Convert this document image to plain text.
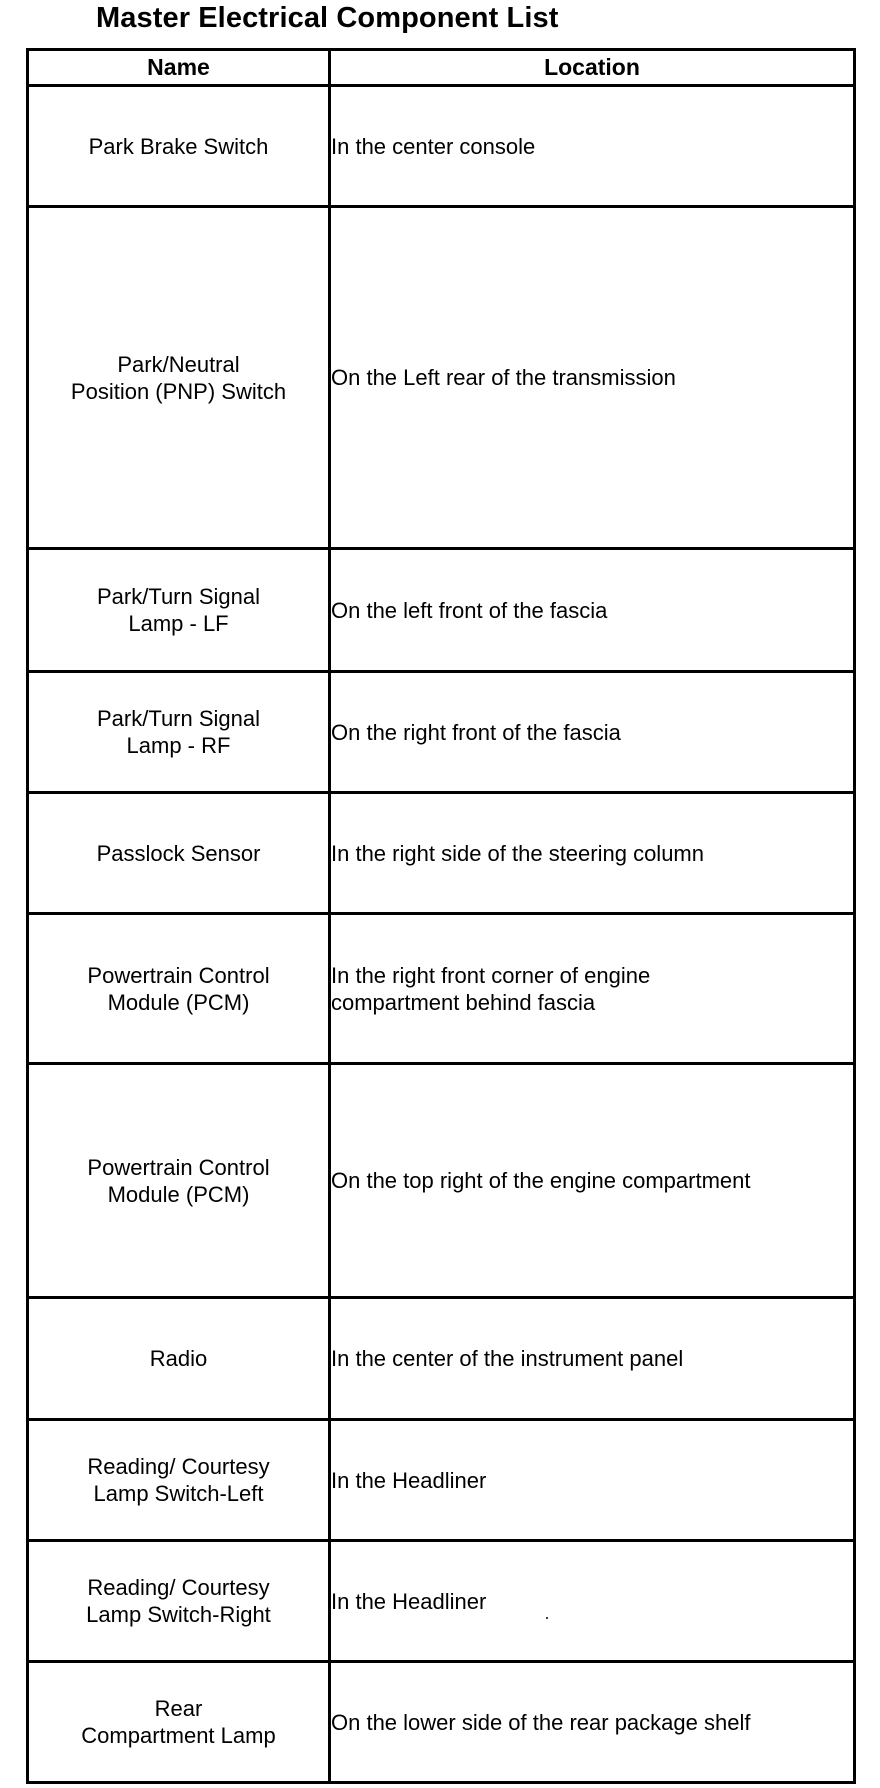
Master Electrical Component List
Name	Location
Park Brake Switch	In the center console
Park/Neutral
Position (PNP) Switch	On the Left rear of the transmission
Park/Turn Signal
Lamp - LF	On the left front of the fascia
Park/Turn Signal
Lamp - RF	On the right front of the fascia
Passlock Sensor	In the right side of the steering column
Powertrain Control
Module (PCM)	In the right front corner of engine
compartment behind fascia
Powertrain Control
Module (PCM)	On the top right of the engine compartment
Radio	In the center of the instrument panel
Reading/ Courtesy
Lamp Switch-Left	In the Headliner
Reading/ Courtesy
Lamp Switch-Right	In the Headliner
Rear
Compartment Lamp	On the lower side of the rear package shelf
